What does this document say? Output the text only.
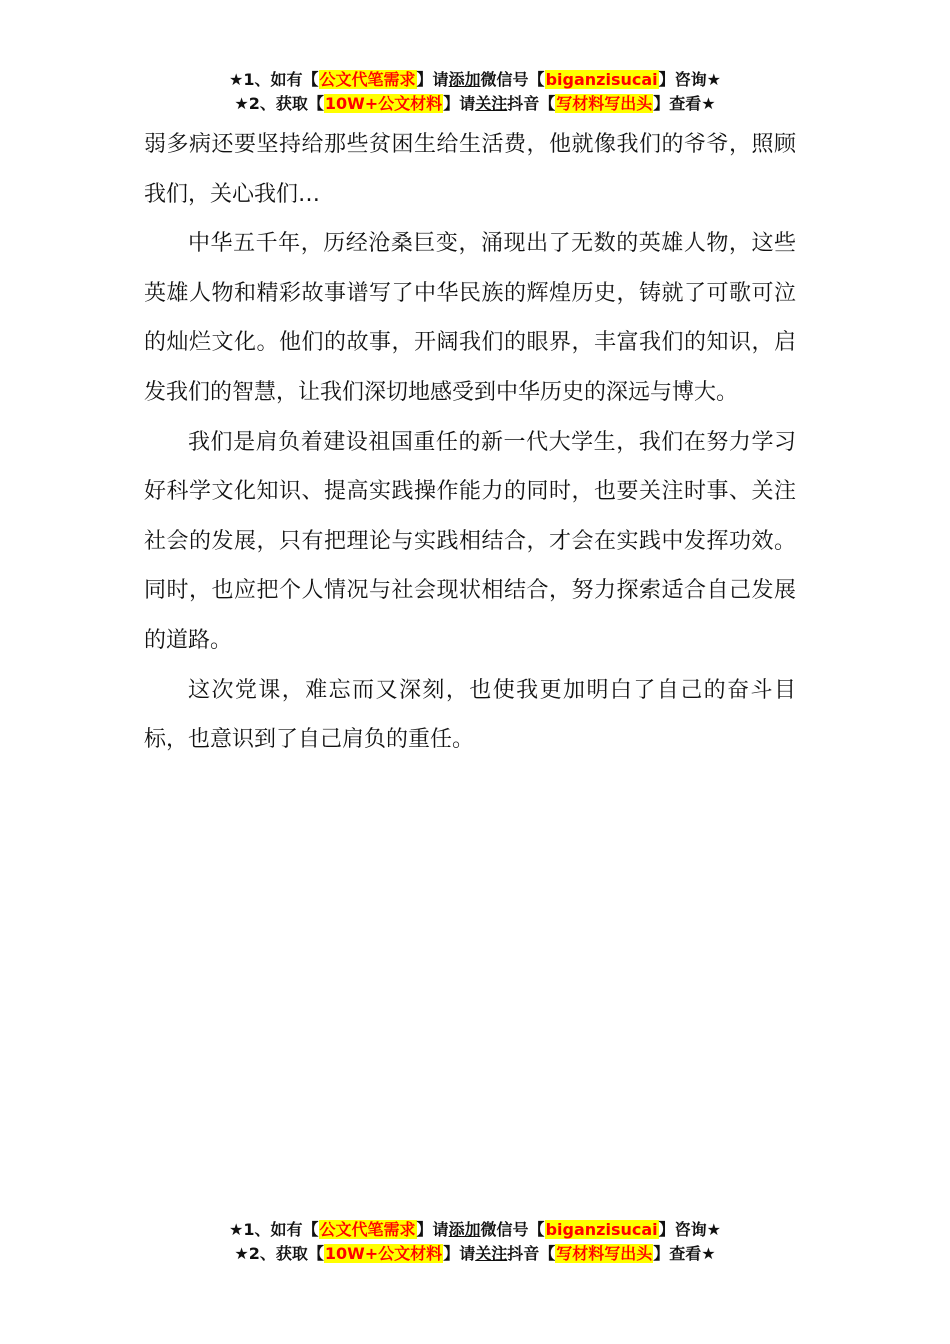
★1、如有【公文代笔需求】请添加微信号【biganzisucai】咨询★
★2、获取【10W+公文材料】请关注抖音【写材料写出头】查看★

弱多病还要坚持给那些贫困生给生活费，他就像我们的爷爷，照顾我们，关心我们…

中华五千年，历经沧桑巨变，涌现出了无数的英雄人物，这些英雄人物和精彩故事谱写了中华民族的辉煌历史，铸就了可歌可泣的灿烂文化。他们的故事，开阔我们的眼界，丰富我们的知识，启发我们的智慧，让我们深切地感受到中华历史的深远与博大。

我们是肩负着建设祖国重任的新一代大学生，我们在努力学习好科学文化知识、提高实践操作能力的同时，也要关注时事、关注社会的发展，只有把理论与实践相结合，才会在实践中发挥功效。同时，也应把个人情况与社会现状相结合，努力探索适合自己发展的道路。

这次党课，难忘而又深刻，也使我更加明白了自己的奋斗目标，也意识到了自己肩负的重任。

★1、如有【公文代笔需求】请添加微信号【biganzisucai】咨询★
★2、获取【10W+公文材料】请关注抖音【写材料写出头】查看★
